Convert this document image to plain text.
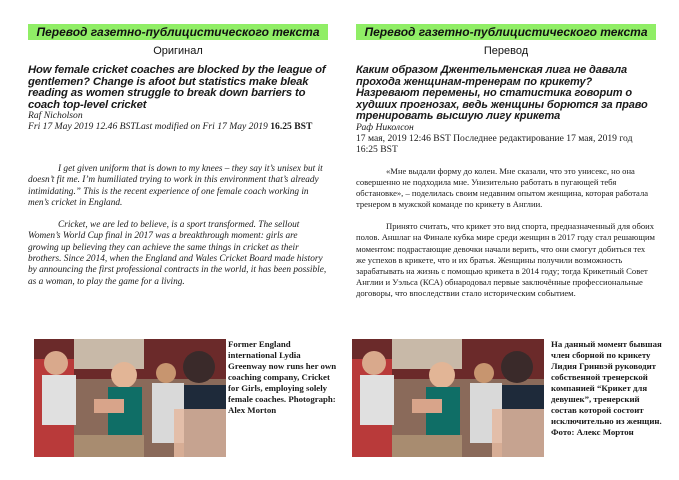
Перевод газетно-публицистического текста
Оригинал
How female cricket coaches are blocked by the league of gentlemen? Change is afoot but statistics make bleak reading as women struggle to break down barriers to coach top-level cricket
Raf Nicholson
Fri 17 May 2019 12.46 BSTLast modified on Fri 17 May 2019 16.25 BST

I get given uniform that is down to my knees – they say it’s unisex but it doesn’t fit me. I’m humiliated trying to work in this environment that’s already intimidating.” This is the recent experience of one female coach working in men’s cricket in England.

Cricket, we are led to believe, is a sport transformed. The sellout Women’s World Cup final in 2017 was a breakthrough moment: girls are growing up believing they can achieve the same things in cricket as their brothers. Since 2014, when the England and Wales Cricket Board made history by announcing the first professional contracts in the world, it has been possible, as a woman, to play the game for a living.

Former England international Lydia Greenway now runs her own coaching company, Cricket for Girls, employing solely female coaches. Photograph: Alex Morton

Перевод газетно-публицистического текста
Перевод
Каким образом Джентельменская лига не давала прохода женщинам-тренерам по крикету? Назревают перемены, но статистика говорит о худших прогнозах, ведь женщины борются за право тренировать высшую лигу крикета
Раф Николсон
17 мая, 2019 12:46 BST Последнее редактирование 17 мая, 2019 год 16:25 BST

«Мне выдали форму до колен. Мне сказали, что это унисекс, но она совершенно не подходила мне. Унизительно работать в пугающей тебя обстановке», – поделилась своим недавним опытом женщина, которая работала тренером в мужской команде по крикету в Англии.

Принято считать, что крикет это вид спорта, предназначенный для обоих полов. Аншлаг на Финале кубка мире среди женщин в 2017 году стал решающим моментом: подрастающие девочки начали верить, что они смогут добиться тех же успехов в крикете, что и их братья. Женщины получили возможность зарабатывать на жизнь с помощью крикета в 2014 году; тогда Крикетный Совет Англии и Уэльса (КСА) обнародовал первые заключённые профессиональные договоры, что впоследствии стало историческим событием.

На данный момент бывшая член сборной по крикету Лидия Гринвэй руководит собственной тренерской компанией “Крикет для девушек”, тренерский состав которой состоит исключительно из женщин. Фото: Алекс Мортон
